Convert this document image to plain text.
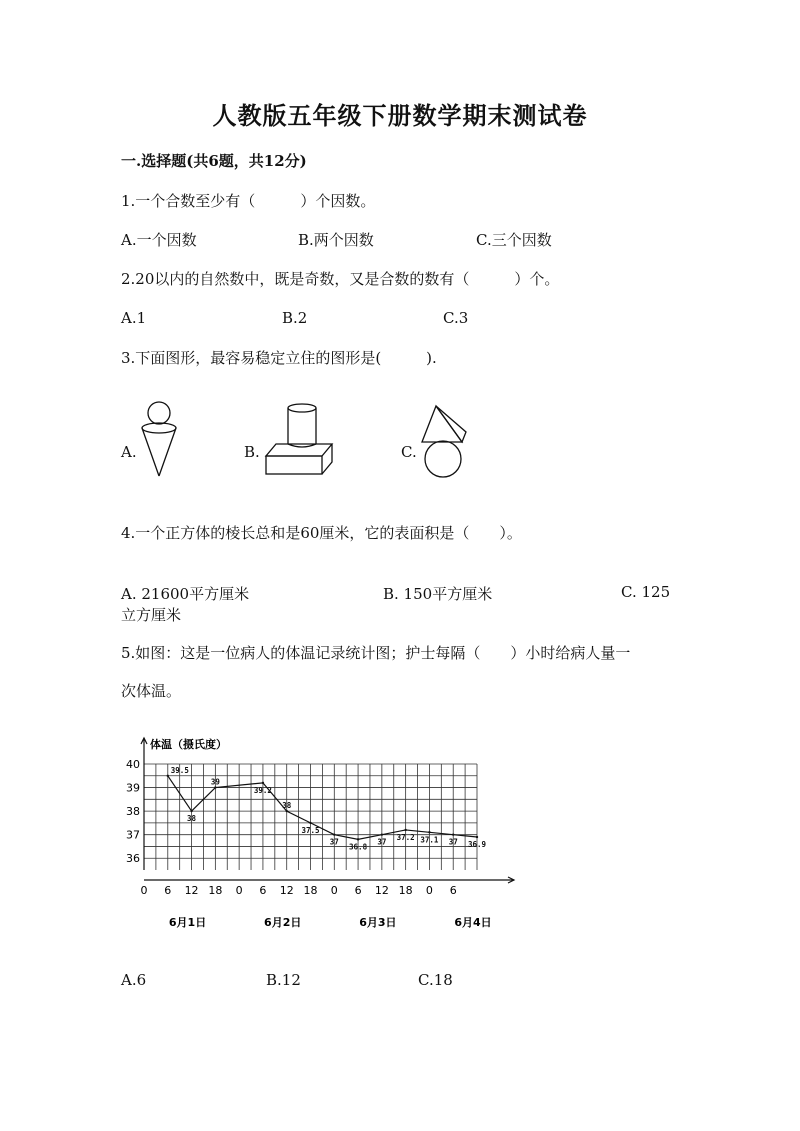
人教版五年级下册数学期末测试卷
一.选择题(共6题，共12分)
1.一个合数至少有（　　　）个因数。
A.一个因数	B.两个因数	C.三个因数
2.20以内的自然数中，既是奇数，又是合数的数有（　　　）个。
A.1	B.2	C.3
3.下面图形，最容易稳定立住的图形是(　　　).
A.	B.	C.
4.一个正方体的棱长总和是60厘米，它的表面积是（　　）。
A. 21600平方厘米	B. 150平方厘米	C. 125
立方厘米
5.如图：这是一位病人的体温记录统计图；护士每隔（　　）小时给病人量一
次体温。
体温（摄氏度）
40
39
38
37
36
0 6 12 18 0 6 12 18 0 6 12 18 0 6
6月1日	6月2日	6月3日	6月4日
39.5
38
39
39.2
38
37.5
37
36.8
37
37.2 37.1 37 36.9
A.6	B.12	C.18
